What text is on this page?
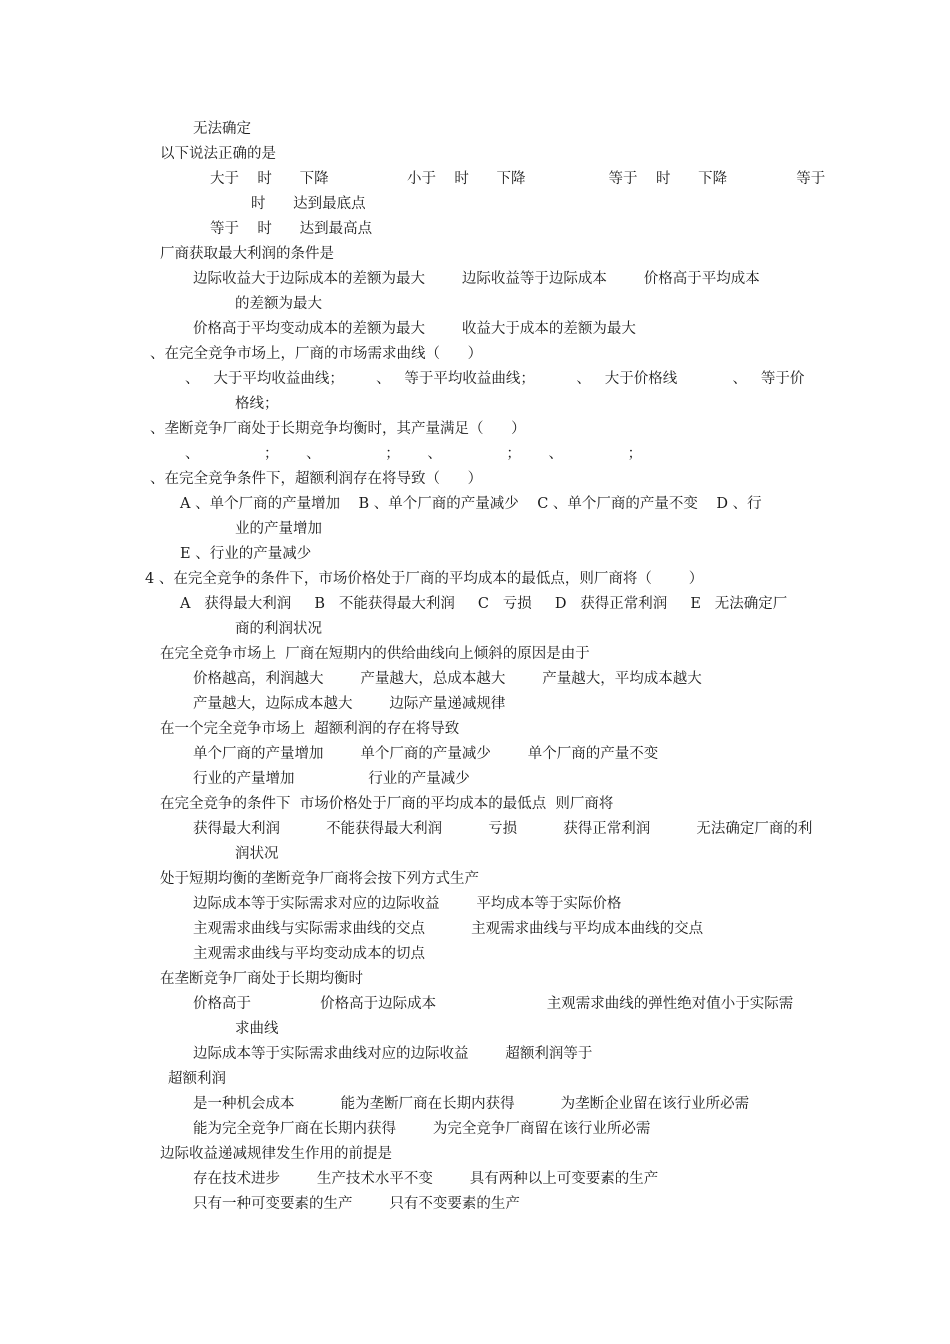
无法确定
以下说法正确的是
大于    时      下降                 小于    时      下降                  等于    时      下降               等于
时      达到最底点
等于    时      达到最高点
厂商获取最大利润的条件是
边际收益大于边际成本的差额为最大        边际收益等于边际成本        价格高于平均成本
的差额为最大
价格高于平均变动成本的差额为最大        收益大于成本的差额为最大
、在完全竞争市场上，厂商的市场需求曲线（      ）
、   大于平均收益曲线；       、   等于平均收益曲线；         、   大于价格线            、   等于价
格线；
、垄断竞争厂商处于长期竞争均衡时，其产量满足（      ）
、              ；      、              ；      、              ；      、              ；
、在完全竞争条件下，超额利润存在将导致（      ）
A 、单个厂商的产量增加    B 、单个厂商的产量减少    C 、单个厂商的产量不变    D 、行
业的产量增加
E 、行业的产量减少
4 、在完全竞争的条件下，市场价格处于厂商的平均成本的最低点，则厂商将（        ）
A   获得最大利润     B   不能获得最大利润     C   亏损     D   获得正常利润     E   无法确定厂
商的利润状况
在完全竞争市场上  厂商在短期内的供给曲线向上倾斜的原因是由于
价格越高，利润越大        产量越大，总成本越大        产量越大，平均成本越大
产量越大，边际成本越大        边际产量递减规律
在一个完全竞争市场上  超额利润的存在将导致
单个厂商的产量增加        单个厂商的产量减少        单个厂商的产量不变
行业的产量增加                行业的产量减少
在完全竞争的条件下  市场价格处于厂商的平均成本的最低点  则厂商将
获得最大利润          不能获得最大利润          亏损          获得正常利润          无法确定厂商的利
润状况
处于短期均衡的垄断竞争厂商将会按下列方式生产
边际成本等于实际需求对应的边际收益        平均成本等于实际价格
主观需求曲线与实际需求曲线的交点          主观需求曲线与平均成本曲线的交点
主观需求曲线与平均变动成本的切点
在垄断竞争厂商处于长期均衡时
价格高于               价格高于边际成本                        主观需求曲线的弹性绝对值小于实际需
求曲线
边际成本等于实际需求曲线对应的边际收益        超额利润等于
超额利润
是一种机会成本          能为垄断厂商在长期内获得          为垄断企业留在该行业所必需
能为完全竞争厂商在长期内获得        为完全竞争厂商留在该行业所必需
边际收益递减规律发生作用的前提是
存在技术进步        生产技术水平不变        具有两种以上可变要素的生产
只有一种可变要素的生产        只有不变要素的生产
